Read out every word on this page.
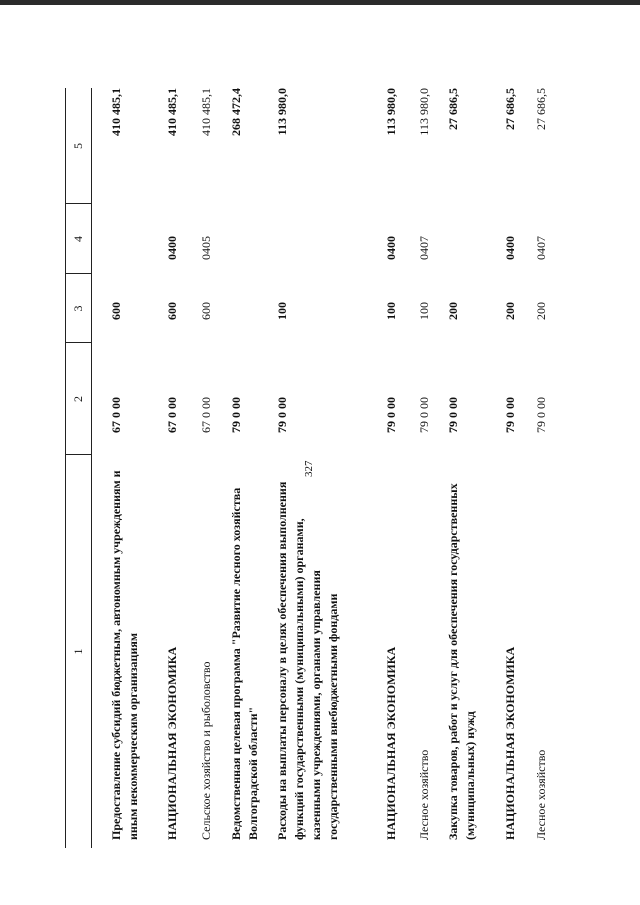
327
1
2
3
4
5
Предоставление субсидий бюджетным, автономным учреждениям и иным некоммерческим организациям
67 0 00
600
410 485,1
НАЦИОНАЛЬНАЯ ЭКОНОМИКА
67 0 00
600
0400
410 485,1
Сельское хозяйство и рыболовство
67 0 00
600
0405
410 485,1
Ведомственная целевая программа "Развитие лесного хозяйства Волгоградской области"
79 0 00
268 472,4
Расходы на выплаты персоналу в целях обеспечения выполнения функций государственными (муниципальными) органами, казенными учреждениями, органами управления государственными внебюджетными фондами
79 0 00
100
113 980,0
НАЦИОНАЛЬНАЯ ЭКОНОМИКА
79 0 00
100
0400
113 980,0
Лесное хозяйство
79 0 00
100
0407
113 980,0
Закупка товаров, работ и услуг для обеспечения государственных (муниципальных) нужд
79 0 00
200
27 686,5
НАЦИОНАЛЬНАЯ ЭКОНОМИКА
79 0 00
200
0400
27 686,5
Лесное хозяйство
79 0 00
200
0407
27 686,5
